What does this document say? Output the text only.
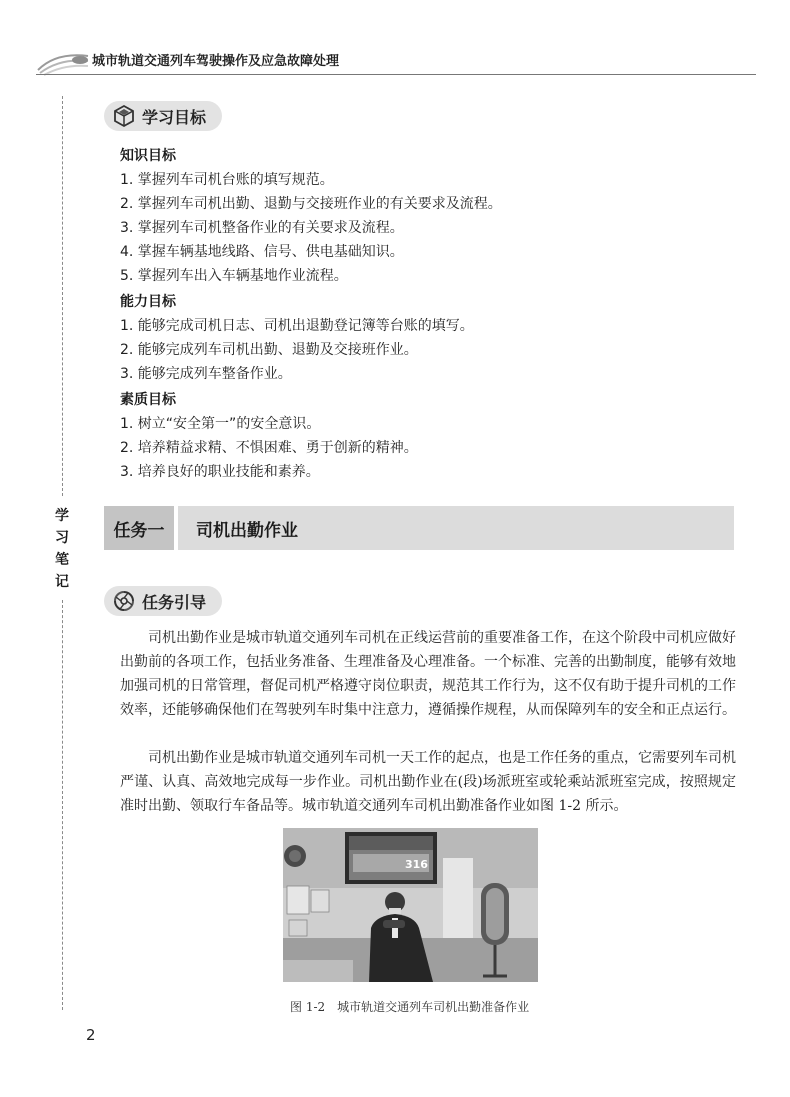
城市轨道交通列车驾驶操作及应急故障处理
学
习
笔
记
学习目标
知识目标
1. 掌握列车司机台账的填写规范。
2. 掌握列车司机出勤、退勤与交接班作业的有关要求及流程。
3. 掌握列车司机整备作业的有关要求及流程。
4. 掌握车辆基地线路、信号、供电基础知识。
5. 掌握列车出入车辆基地作业流程。
能力目标
1. 能够完成司机日志、司机出退勤登记簿等台账的填写。
2. 能够完成列车司机出勤、退勤及交接班作业。
3. 能够完成列车整备作业。
素质目标
1. 树立“安全第一”的安全意识。
2. 培养精益求精、不惧困难、勇于创新的精神。
3. 培养良好的职业技能和素养。
任务一	司机出勤作业
任务引导
司机出勤作业是城市轨道交通列车司机在正线运营前的重要准备工作，在这个阶段中司机应做好出勤前的各项工作，包括业务准备、生理准备及心理准备。一个标准、完善的出勤制度，能够有效地加强司机的日常管理，督促司机严格遵守岗位职责，规范其工作行为，这不仅有助于提升司机的工作效率，还能够确保他们在驾驶列车时集中注意力，遵循操作规程，从而保障列车的安全和正点运行。
司机出勤作业是城市轨道交通列车司机一天工作的起点，也是工作任务的重点，它需要列车司机严谨、认真、高效地完成每一步作业。司机出勤作业在(段)场派班室或轮乘站派班室完成，按照规定准时出勤、领取行车备品等。城市轨道交通列车司机出勤准备作业如图 1-2 所示。
316
图 1-2　城市轨道交通列车司机出勤准备作业
2
